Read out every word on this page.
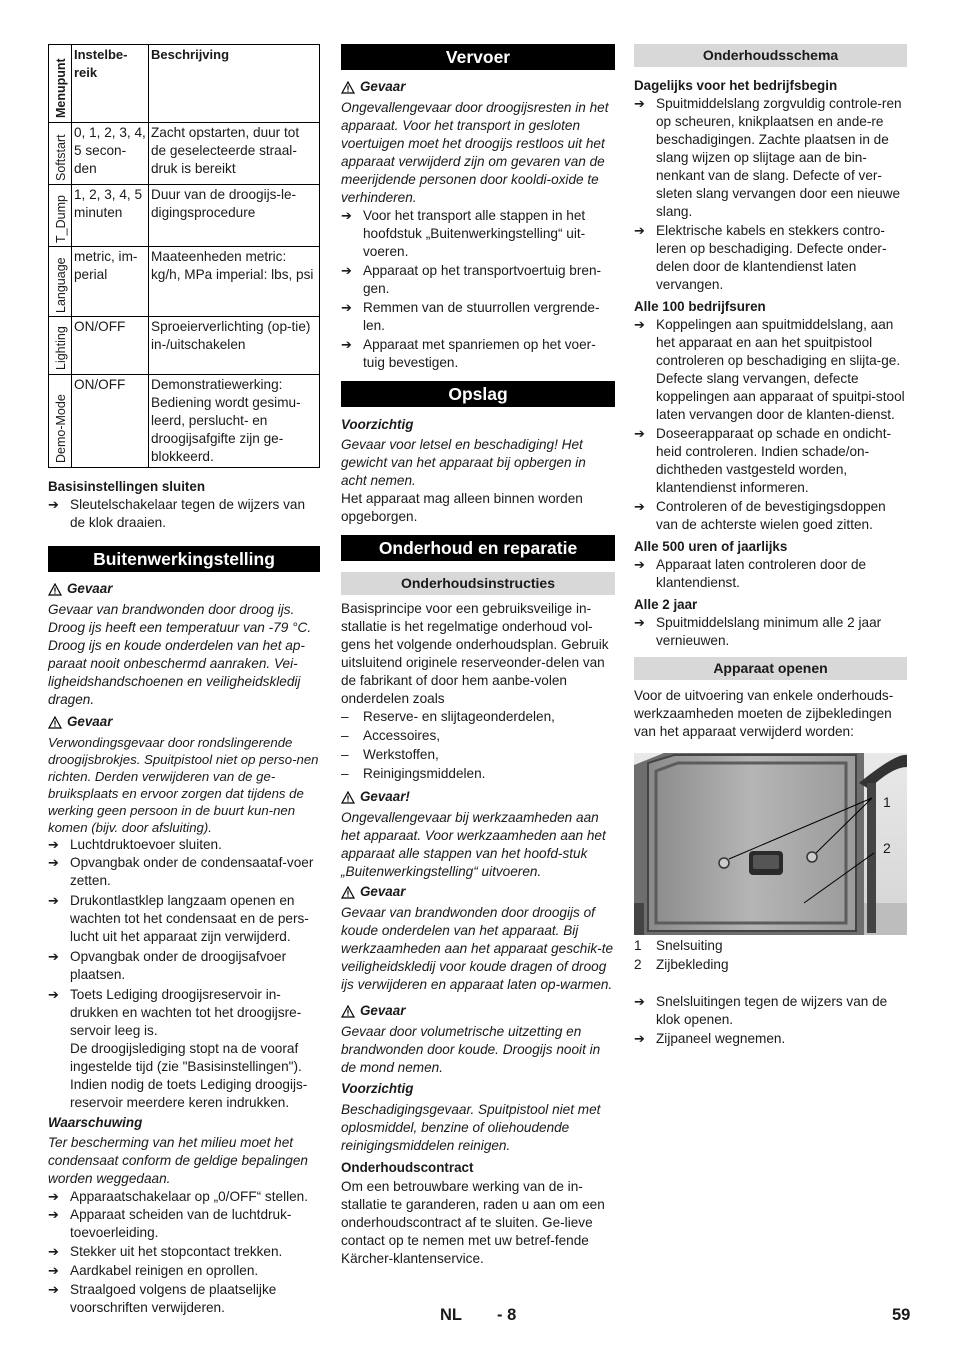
Menupunt	Instelbe-reik	Beschrijving

Softstart	0, 1, 2, 3, 4, 5 secon-den	Zacht opstarten, duur tot de geselecteerde straal-druk is bereikt

T_Dump	1, 2, 3, 4, 5 minuten	Duur van de droogijs-le-digingsprocedure

Language	metric, im-perial	Maateenheden metric: kg/h, MPa imperial: lbs, psi

Lighting	ON/OFF	Sproeierverlichting (op-tie) in-/uitschakelen

Demo-Mode	ON/OFF	Demonstratiewerking: Bediening wordt gesimu-leerd, perslucht- en droogijsafgifte zijn ge-blokkeerd.

Basisinstellingen sluiten

➔ Sleutelschakelaar tegen de wijzers van de klok draaien.
Buitenwerkingstelling
Gevaar

Gevaar van brandwonden door droog ijs. Droog ijs heeft een temperatuur van -79 °C. Droog ijs en koude onderdelen van het ap-paraat nooit onbeschermd aanraken. Vei-ligheidshandschoenen en veiligheidskledij dragen.

Gevaar

Verwondingsgevaar door rondslingerende droogijsbrokjes. Spuitpistool niet op perso-nen richten. Derden verwijderen van de ge-bruiksplaats en ervoor zorgen dat tijdens de werking geen persoon in de buurt kun-nen komen (bijv. door afsluiting).

➔ Luchtdruktoevoer sluiten.
➔ Opvangbak onder de condensaataf-voer zetten.
➔ Drukontlastklep langzaam openen en wachten tot het condensaat en de pers-lucht uit het apparaat zijn verwijderd.
➔ Opvangbak onder de droogijsafvoer plaatsen.
➔ Toets Lediging droogijsreservoir in-drukken en wachten tot het droogijsre-servoir leeg is.

De droogijslediging stopt na de vooraf ingestelde tijd (zie "Basisinstellingen"). Indien nodig de toets Lediging droogijs-reservoir meerdere keren indrukken.

Waarschuwing

Ter bescherming van het milieu moet het condensaat conform de geldige bepalingen worden weggedaan.

➔ Apparaatschakelaar op „0/OFF“ stellen.
➔ Apparaat scheiden van de luchtdruk-toevoerleiding.
➔ Stekker uit het stopcontact trekken.
➔ Aardkabel reinigen en oprollen.
➔ Straalgoed volgens de plaatselijke voorschriften verwijderen.
Vervoer
Gevaar

Ongevallengevaar door droogijsresten in het apparaat. Voor het transport in gesloten voertuigen moet het droogijs restloos uit het apparaat verwijderd zijn om gevaren van de meerijdende personen door kooldi-oxide te verhinderen.

➔ Voor het transport alle stappen in het hoofdstuk „Buitenwerkingstelling“ uit-voeren.
➔ Apparaat op het transportvoertuig bren-gen.
➔ Remmen van de stuurrollen vergrende-len.
➔ Apparaat met spanriemen op het voer-tuig bevestigen.
Opslag

Voorzichtig

Gevaar voor letsel en beschadiging! Het gewicht van het apparaat bij opbergen in acht nemen.

Het apparaat mag alleen binnen worden opgeborgen.

Onderhoud en reparatie
Onderhoudsinstructies

Basisprincipe voor een gebruiksveilige in-stallatie is het regelmatige onderhoud vol-gens het volgende onderhoudsplan. Gebruik uitsluitend originele reserveonder-delen van de fabrikant of door hem aanbe-volen onderdelen zoals

–	Reserve- en slijtageonderdelen,
–	Accessoires,
–	Werkstoffen,
–	Reinigingsmiddelen.
Gevaar!

Ongevallengevaar bij werkzaamheden aan het apparaat. Voor werkzaamheden aan het apparaat alle stappen van het hoofd-stuk „Buitenwerkingstelling“ uitvoeren.

Gevaar

Gevaar van brandwonden door droogijs of koude onderdelen van het apparaat. Bij werkzaamheden aan het apparaat geschik-te veiligheidskledij voor koude dragen of droog ijs verwijderen en apparaat laten op-warmen.

Gevaar

Gevaar door volumetrische uitzetting en brandwonden door koude. Droogijs nooit in de mond nemen.

Voorzichtig

Beschadigingsgevaar. Spuitpistool niet met oplosmiddel, benzine of oliehoudende reinigingsmiddelen reinigen.

Onderhoudscontract

Om een betrouwbare werking van de in-stallatie te garanderen, raden u aan om een onderhoudscontract af te sluiten. Ge-lieve contact op te nemen met uw betref-fende Kärcher-klantenservice.

Onderhoudsschema

Dagelijks voor het bedrijfsbegin

➔ Spuitmiddelslang zorgvuldig controle-ren op scheuren, knikplaatsen en ande-re beschadigingen. Zachte plaatsen in de slang wijzen op slijtage aan de bin-nenkant van de slang. Defecte of ver-sleten slang vervangen door een nieuwe slang.
➔ Elektrische kabels en stekkers contro-leren op beschadiging. Defecte onder-delen door de klantendienst laten vervangen.

Alle 100 bedrijfsuren

➔ Koppelingen aan spuitmiddelslang, aan het apparaat en aan het spuitpistool controleren op beschadiging en slijta-ge. Defecte slang vervangen, defecte koppelingen aan apparaat of spuitpi-stool laten vervangen door de klanten-dienst.
➔ Doseerapparaat op schade en ondicht-heid controleren. Indien schade/on-dichtheden vastgesteld worden, klantendienst informeren.
➔ Controleren of de bevestigingsdoppen van de achterste wielen goed zitten.

Alle 500 uren of jaarlijks

➔ Apparaat laten controleren door de klantendienst.

Alle 2 jaar

➔ Spuitmiddelslang minimum alle 2 jaar vernieuwen.
Apparaat openen

Voor de uitvoering van enkele onderhouds-werkzaamheden moeten de zijbekledingen van het apparaat verwijderd worden:

1
2
1	Snelsuiting
2	Zijbekleding
➔ Snelsluitingen tegen de wijzers van de klok openen.
➔ Zijpaneel wegnemen.
NL - 8	59
